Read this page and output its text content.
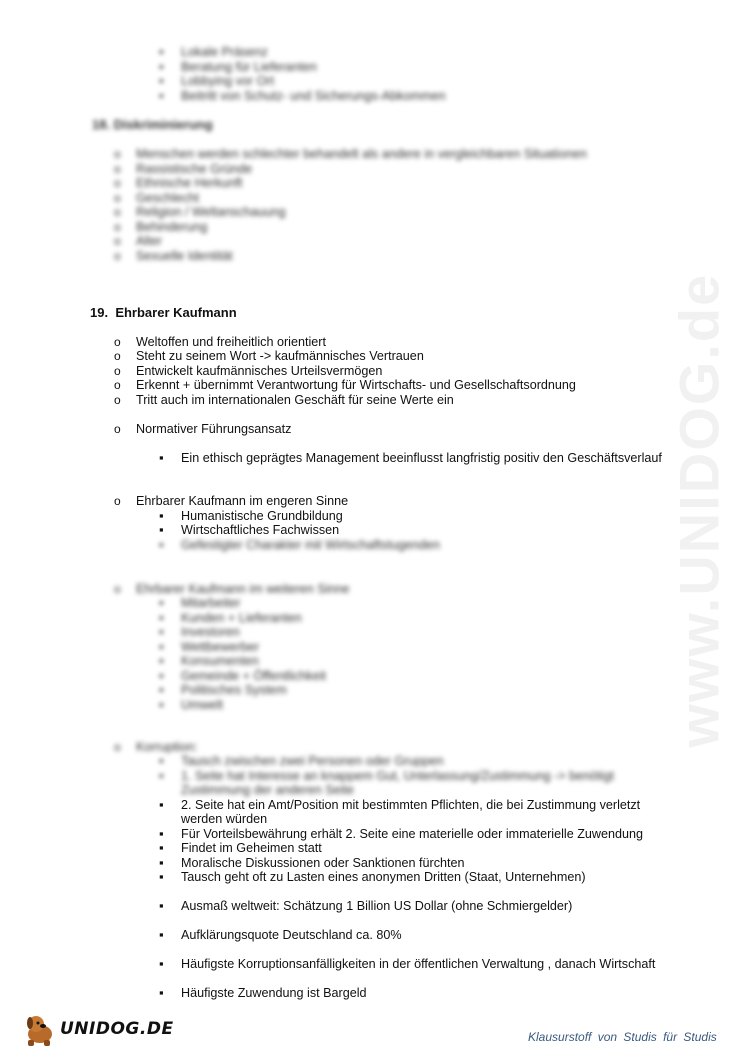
www.UNIDOG.de
▪ Lokale Präsenz
▪ Beratung für Lieferanten
▪ Lobbying vor Ort
▪ Beitritt von Schutz- und Sicherungs-Abkommen
18. Diskriminierung
o Menschen werden schlechter behandelt als andere in vergleichbaren Situationen
o Rassistische Gründe
o Ethnische Herkunft
o Geschlecht
o Religion / Weltanschauung
o Behinderung
o Alter
o Sexuelle Identität
19. Ehrbarer Kaufmann
o Weltoffen und freiheitlich orientiert
o Steht zu seinem Wort -> kaufmännisches Vertrauen
o Entwickelt kaufmännisches Urteilsvermögen
o Erkennt + übernimmt Verantwortung für Wirtschafts- und Gesellschaftsordnung
o Tritt auch im internationalen Geschäft für seine Werte ein
o Normativer Führungsansatz
▪ Ein ethisch geprägtes Management beeinflusst langfristig positiv den Geschäftsverlauf
o Ehrbarer Kaufmann im engeren Sinne
▪ Humanistische Grundbildung
▪ Wirtschaftliches Fachwissen
▪ Gefestigter Charakter mit Wirtschaftstugenden
o Ehrbarer Kaufmann im weiteren Sinne
▪ Mitarbeiter
▪ Kunden + Lieferanten
▪ Investoren
▪ Wettbewerber
▪ Konsumenten
▪ Gemeinde + Öffentlichkeit
▪ Politisches System
▪ Umwelt
o Korruption:
▪ Tausch zwischen zwei Personen oder Gruppen
▪ 1. Seite hat Interesse an knappem Gut, Unterlassung/Zustimmung -> benötigt
Zustimmung der anderen Seite
▪ 2. Seite hat ein Amt/Position mit bestimmten Pflichten, die bei Zustimmung verletzt
werden würden
▪ Für Vorteilsbewährung erhält 2. Seite eine materielle oder immaterielle Zuwendung
▪ Findet im Geheimen statt
▪ Moralische Diskussionen oder Sanktionen fürchten
▪ Tausch geht oft zu Lasten eines anonymen Dritten (Staat, Unternehmen)
▪ Ausmaß weltweit: Schätzung 1 Billion US Dollar (ohne Schmiergelder)
▪ Aufklärungsquote Deutschland ca. 80%
▪ Häufigste Korruptionsanfälligkeiten in der öffentlichen Verwaltung , danach Wirtschaft
▪ Häufigste Zuwendung ist Bargeld
UNIDOG.DE	Klausurstoff von Studis für Studis
